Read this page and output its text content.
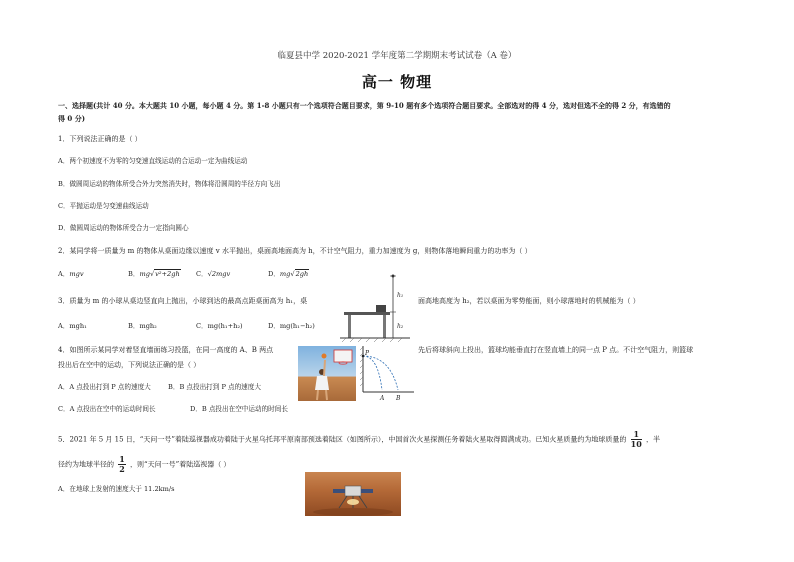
临夏县中学 2020-2021 学年度第二学期期末考试试卷（A 卷）
高一 物理
一、选择题(共计 40 分。本大题共 10 小题，每小题 4 分。第 1-8 小题只有一个选项符合题目要求，第 9-10 题有多个选项符合题目要求。全部选对的得 4 分，选对但选不全的得 2 分，有选错的
得 0 分)
1．下列说法正确的是（ ）
A．两个初速度不为零的匀变速直线运动的合运动一定为曲线运动
B．做圆周运动的物体所受合外力突然消失时，物体将沿圆周的半径方向飞出
C．平抛运动是匀变速曲线运动
D．做圆周运动的物体所受合力一定指向圆心
2．某同学将一质量为 m 的物体从桌面边缘以速度 v 水平抛出，桌面高地面高为 h，不计空气阻力，重力加速度为 g，则物体落地瞬间重力的功率为（ ）
A．mgv	B．mg√v²+2gh C．√2mgv	D．mg√2gh
3．质量为 m 的小球从桌边竖直向上抛出，小球到达的最高点距桌面高为 h₁，桌	面高地高度为 h₂，若以桌面为零势能面，则小球落地时的机械能为（ ）
A．mgh₁	B．mgh₂	C．mg(h₁+h₂)	D．mg(h₁−h₂)
h₁
h₂
4．如图所示某同学对着竖直墙面练习投篮，在同一高度的 A、B 两点	先后将球斜向上投出，篮球均能垂直打在竖直墙上的同一点 P 点。不计空气阻力，则篮球
投出后在空中的运动，下列说法正确的是（ ）
A．A 点投出打到 P 点的速度大	B．B 点投出打到 P 点的速度大
C．A 点投出在空中的运动时间长	D．B 点投出在空中运动的时间长
P
A B
5．2021 年 5 月 15 日，“天问一号”着陆巡视器成功着陆于火星乌托邦平原南部预选着陆区（如图所示），中国首次火星探测任务着陆火星取得圆满成功。已知火星质量约为地球质量的 $\frac{1}{10}$ ，半
径约为地球半径的 $\frac{1}{2}$ ，则“天问一号”着陆巡视器（ ）
A．在地球上发射的速度大于 11.2km/s
